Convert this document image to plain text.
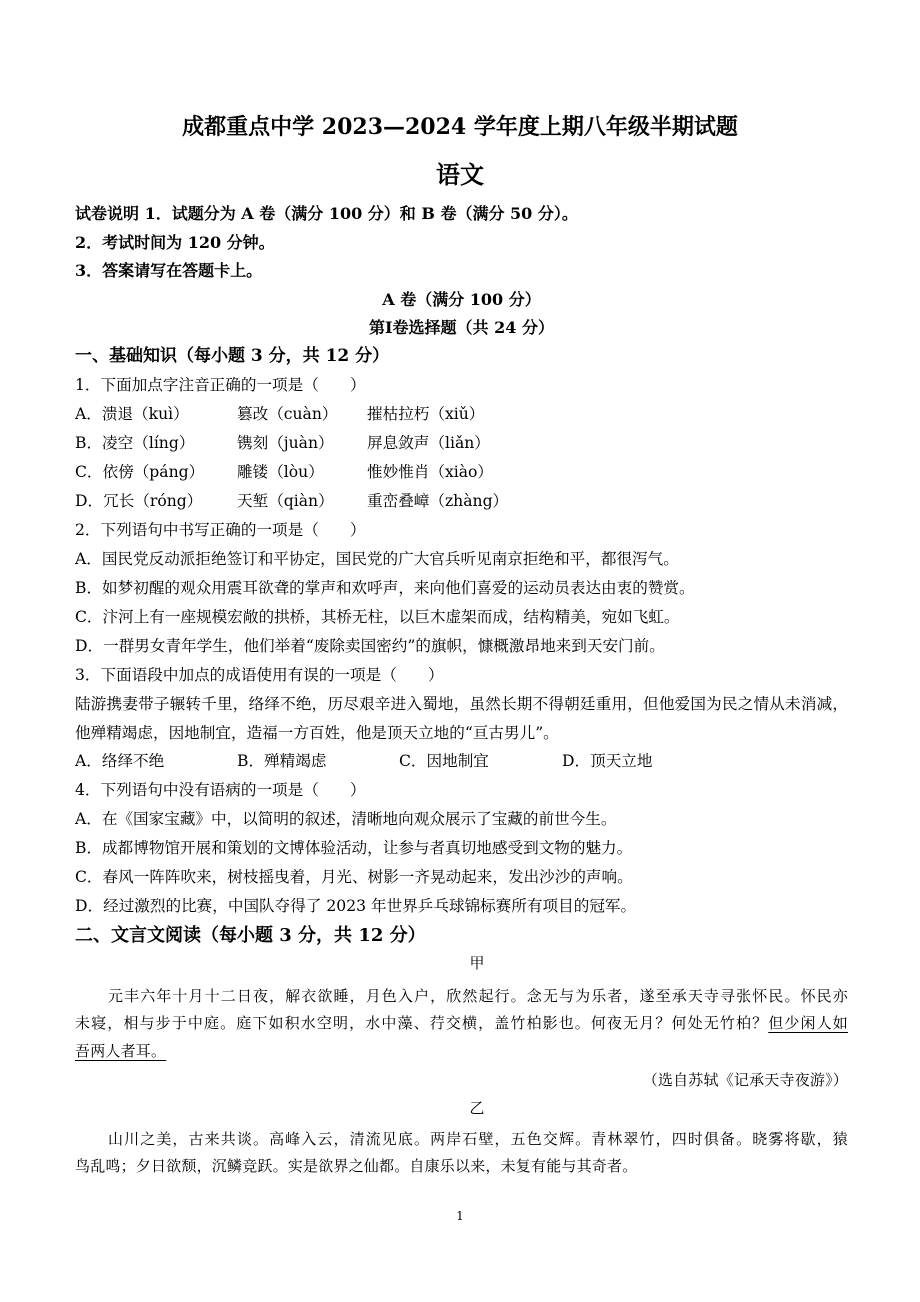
成都重点中学 2023—2024 学年度上期八年级半期试题
语文
试卷说明 1．试题分为 A 卷（满分 100 分）和 B 卷（满分 50 分）。
2．考试时间为 120 分钟。
3．答案请写在答题卡上。
A 卷（满分 100 分）
第I卷选择题（共 24 分）
一、基础知识（每小题 3 分，共 12 分）
1．下面加点字注音正确的一项是（　　）
A．溃退（kuì）	篡改（cuàn） 摧枯拉朽（xiǔ）
B．凌空（líng）	镌刻（juàn） 屏息敛声（liǎn）
C．依傍（páng） 雕镂（lòu）	惟妙惟肖（xiào）
D．冗长（róng） 天堑（qiàn） 重峦叠嶂（zhàng）
2．下列语句中书写正确的一项是（　　）
A．国民党反动派拒绝签订和平协定，国民党的广大官兵听见南京拒绝和平，都很泻气。
B．如梦初醒的观众用震耳欲聋的掌声和欢呼声，来向他们喜爱的运动员表达由衷的赞赏。
C．汴河上有一座规模宏敞的拱桥，其桥无柱，以巨木虚架而成，结构精美，宛如飞虹。
D．一群男女青年学生，他们举着“废除卖国密约”的旗帜，慷概激昂地来到天安门前。
3．下面语段中加点的成语使用有误的一项是（　　）
陆游携妻带子辗转千里，络绎不绝，历尽艰辛进入蜀地，虽然长期不得朝廷重用，但他爱国为民之情从未消减，
他殚精竭虑，因地制宜，造福一方百姓，他是顶天立地的“亘古男儿”。
A．络绎不绝	B．殚精竭虑	C．因地制宜	D．顶天立地
4．下列语句中没有语病的一项是（　　）
A．在《国家宝藏》中，以简明的叙述，清晰地向观众展示了宝藏的前世今生。
B．成都博物馆开展和策划的文博体验活动，让参与者真切地感受到文物的魅力。
C．春风一阵阵吹来，树枝摇曳着，月光、树影一齐晃动起来，发出沙沙的声响。
D．经过激烈的比赛，中国队夺得了 2023 年世界乒乓球锦标赛所有项目的冠军。
二、文言文阅读（每小题 3 分，共 12 分）
甲
元丰六年十月十二日夜，解衣欲睡，月色入户，欣然起行。念无与为乐者，遂至承天寺寻张怀民。怀民亦
未寝，相与步于中庭。庭下如积水空明，水中藻、荇交横，盖竹柏影也。何夜无月？何处无竹柏？但少闲人如
吾两人者耳。
（选自苏轼《记承天寺夜游》）
乙
山川之美，古来共谈。高峰入云，清流见底。两岸石壁，五色交辉。青林翠竹，四时俱备。晓雾将歇，猿
鸟乱鸣；夕日欲颓，沉鳞竞跃。实是欲界之仙都。自康乐以来，未复有能与其奇者。
1
